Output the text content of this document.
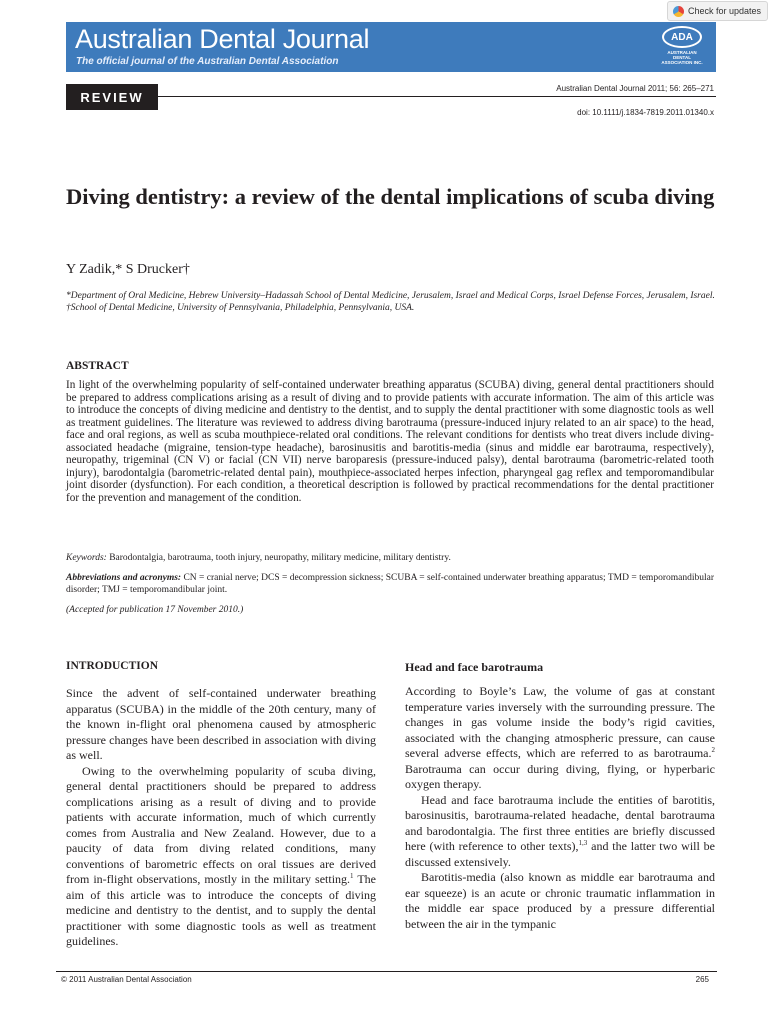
Check for updates
Australian Dental Journal
The official journal of the Australian Dental Association
ADA
AUSTRALIAN DENTAL ASSOCIATION INC.
REVIEW
Australian Dental Journal 2011; 56: 265–271
doi: 10.1111/j.1834-7819.2011.01340.x
Diving dentistry: a review of the dental implications of scuba diving
Y Zadik,* S Drucker†

*Department of Oral Medicine, Hebrew University–Hadassah School of Dental Medicine, Jerusalem, Israel and Medical Corps, Israel Defense Forces, Jerusalem, Israel.

†School of Dental Medicine, University of Pennsylvania, Philadelphia, Pennsylvania, USA.

ABSTRACT

In light of the overwhelming popularity of self-contained underwater breathing apparatus (SCUBA) diving, general dental practitioners should be prepared to address complications arising as a result of diving and to provide patients with accurate information. The aim of this article was to introduce the concepts of diving medicine and dentistry to the dentist, and to supply the dental practitioner with some diagnostic tools as well as treatment guidelines. The literature was reviewed to address diving barotrauma (pressure-induced injury related to an air space) to the head, face and oral regions, as well as scuba mouthpiece-related oral conditions. The relevant conditions for dentists who treat divers include diving-associated headache (migraine, tension-type headache), barosinusitis and barotitis-media (sinus and middle ear barotrauma, respectively), neuropathy, trigeminal (CN V) or facial (CN VII) nerve baroparesis (pressure-induced palsy), dental barotrauma (barometric-related tooth injury), barodontalgia (barometric-related dental pain), mouthpiece-associated herpes infection, pharyngeal gag reflex and temporomandibular joint disorder (dysfunction). For each condition, a theoretical description is followed by practical recommendations for the dental practitioner for the prevention and management of the condition.

Keywords: Barodontalgia, barotrauma, tooth injury, neuropathy, military medicine, military dentistry.
Abbreviations and acronyms: CN = cranial nerve; DCS = decompression sickness; SCUBA = self-contained underwater breathing apparatus; TMD = temporomandibular disorder; TMJ = temporomandibular joint.
(Accepted for publication 17 November 2010.)
INTRODUCTION

Since the advent of self-contained underwater breathing apparatus (SCUBA) in the middle of the 20th century, many of the known in-flight oral phenomena caused by atmospheric pressure changes have been described in association with diving as well.

Owing to the overwhelming popularity of scuba diving, general dental practitioners should be prepared to address complications arising as a result of diving and to provide patients with accurate information, much of which currently comes from Australia and New Zealand. However, due to a paucity of data from diving related conditions, many conventions of barometric effects on oral tissues are derived from in-flight observations, mostly in the military setting.$^1$ The aim of this article was to introduce the concepts of diving medicine and dentistry to the dentist, and to supply the dental practitioner with some diagnostic tools as well as treatment guidelines.

Head and face barotrauma

According to Boyle’s Law, the volume of gas at constant temperature varies inversely with the surrounding pressure. The changes in gas volume inside the body’s rigid cavities, associated with the changing atmospheric pressure, can cause several adverse effects, which are referred to as barotrauma.$^2$ Barotrauma can occur during diving, flying, or hyperbaric oxygen therapy.

Head and face barotrauma include the entities of barotitis, barosinusitis, barotrauma-related headache, dental barotrauma and barodontalgia. The first three entities are briefly discussed here (with reference to other texts),$^{1,3}$ and the latter two will be discussed extensively.

Barotitis-media (also known as middle ear barotrauma and ear squeeze) is an acute or chronic traumatic inflammation in the middle ear space produced by a pressure differential between the air in the tympanic

© 2011 Australian Dental Association	265
